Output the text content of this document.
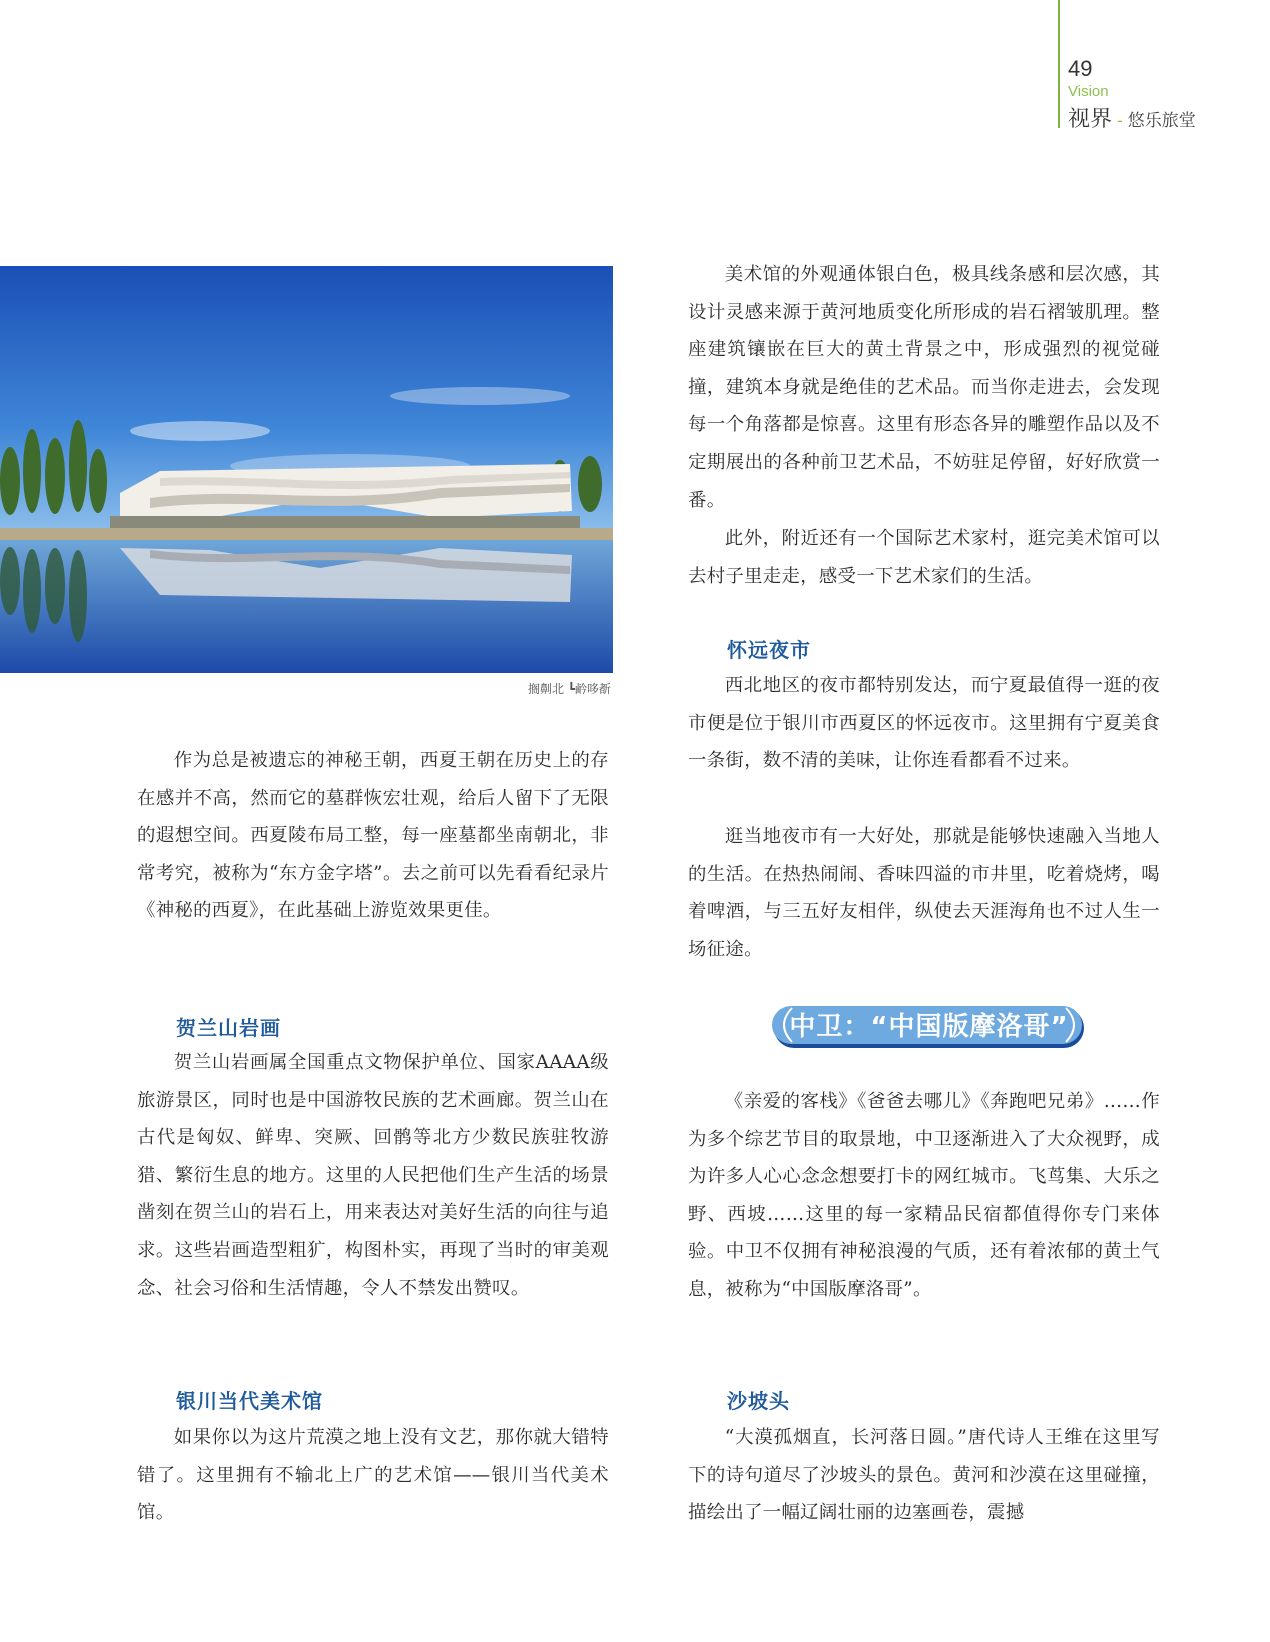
49
Vision
视界 - 悠乐旅堂
搁劓北 ┗鹶哆斱

作为总是被遗忘的神秘王朝，西夏王朝在历史上的存在感并不高，然而它的墓群恢宏壮观，给后人留下了无限的遐想空间。西夏陵布局工整，每一座墓都坐南朝北，非常考究，被称为“东方金字塔”。去之前可以先看看纪录片《神秘的西夏》，在此基础上游览效果更佳。

贺兰山岩画

贺兰山岩画属全国重点文物保护单位、国家AAAA级旅游景区，同时也是中国游牧民族的艺术画廊。贺兰山在古代是匈奴、鲜卑、突厥、回鹘等北方少数民族驻牧游猎、繁衍生息的地方。这里的人民把他们生产生活的场景凿刻在贺兰山的岩石上，用来表达对美好生活的向往与追求。这些岩画造型粗犷，构图朴实，再现了当时的审美观念、社会习俗和生活情趣，令人不禁发出赞叹。

银川当代美术馆

如果你以为这片荒漠之地上没有文艺，那你就大错特错了。这里拥有不输北上广的艺术馆——银川当代美术馆。

美术馆的外观通体银白色，极具线条感和层次感，其设计灵感来源于黄河地质变化所形成的岩石褶皱肌理。整座建筑镶嵌在巨大的黄土背景之中，形成强烈的视觉碰撞，建筑本身就是绝佳的艺术品。而当你走进去，会发现每一个角落都是惊喜。这里有形态各异的雕塑作品以及不定期展出的各种前卫艺术品，不妨驻足停留，好好欣赏一番。

此外，附近还有一个国际艺术家村，逛完美术馆可以去村子里走走，感受一下艺术家们的生活。

怀远夜市

西北地区的夜市都特别发达，而宁夏最值得一逛的夜市便是位于银川市西夏区的怀远夜市。这里拥有宁夏美食一条街，数不清的美味，让你连看都看不过来。

逛当地夜市有一大好处，那就是能够快速融入当地人的生活。在热热闹闹、香味四溢的市井里，吃着烧烤，喝着啤酒，与三五好友相伴，纵使去天涯海角也不过人生一场征途。

中卫：“中国版摩洛哥”

《亲爱的客栈》《爸爸去哪儿》《奔跑吧兄弟》……作为多个综艺节目的取景地，中卫逐渐进入了大众视野，成为许多人心心念念想要打卡的网红城市。飞茑集、大乐之野、西坡……这里的每一家精品民宿都值得你专门来体验。中卫不仅拥有神秘浪漫的气质，还有着浓郁的黄土气息，被称为“中国版摩洛哥”。

沙坡头

“大漠孤烟直，长河落日圆。”唐代诗人王维在这里写下的诗句道尽了沙坡头的景色。黄河和沙漠在这里碰撞，描绘出了一幅辽阔壮丽的边塞画卷，震撼
